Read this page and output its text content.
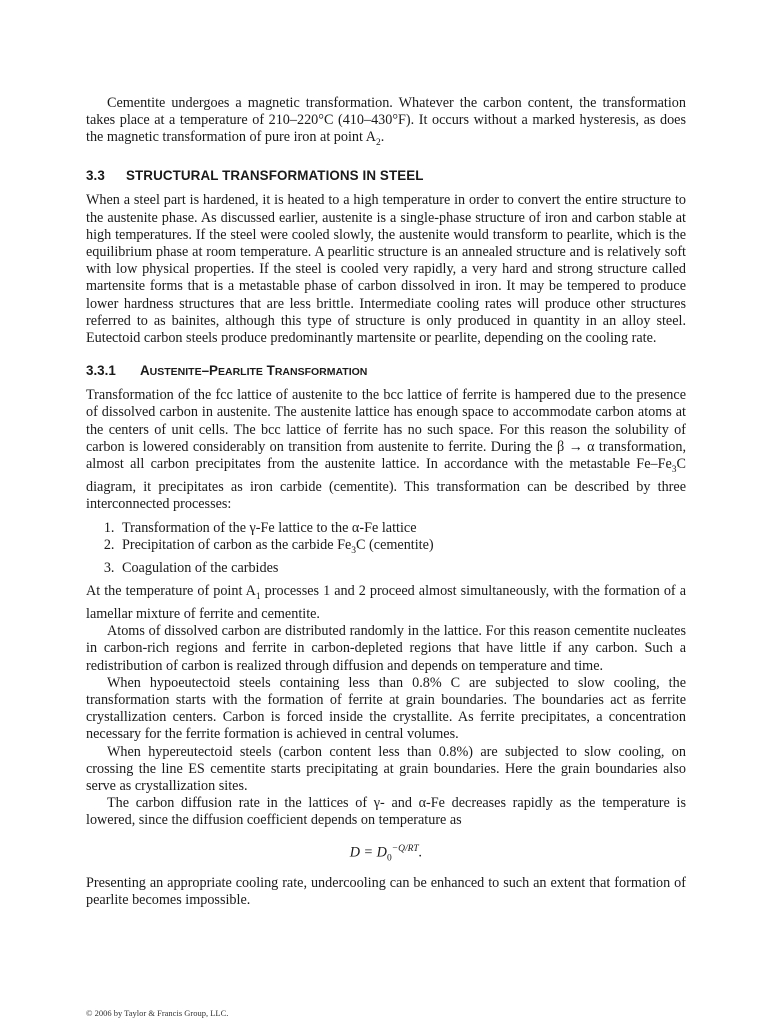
Cementite undergoes a magnetic transformation. Whatever the carbon content, the transformation takes place at a temperature of 210–220°C (410–430°F). It occurs without a marked hysteresis, as does the magnetic transformation of pure iron at point $A_2$.

3.3 STRUCTURAL TRANSFORMATIONS IN STEEL

When a steel part is hardened, it is heated to a high temperature in order to convert the entire structure to the austenite phase. As discussed earlier, austenite is a single-phase structure of iron and carbon stable at high temperatures. If the steel were cooled slowly, the austenite would transform to pearlite, which is the equilibrium phase at room temperature. A pearlitic structure is an annealed structure and is relatively soft with low physical properties. If the steel is cooled very rapidly, a very hard and strong structure called martensite forms that is a metastable phase of carbon dissolved in iron. It may be tempered to produce lower hardness structures that are less brittle. Intermediate cooling rates will produce other structures referred to as bainites, although this type of structure is only produced in quantity in an alloy steel. Eutectoid carbon steels produce predominantly martensite or pearlite, depending on the cooling rate.

3.3.1 AUSTENITE–PEARLITE TRANSFORMATION

Transformation of the fcc lattice of austenite to the bcc lattice of ferrite is hampered due to the presence of dissolved carbon in austenite. The austenite lattice has enough space to accommodate carbon atoms at the centers of unit cells. The bcc lattice of ferrite has no such space. For this reason the solubility of carbon is lowered considerably on transition from austenite to ferrite. During the β → α transformation, almost all carbon precipitates from the austenite lattice. In accordance with the metastable $Fe-Fe_3C$ diagram, it precipitates as iron carbide (cementite). This transformation can be described by three interconnected processes:

1. Transformation of the γ-Fe lattice to the α-Fe lattice
2. Precipitation of carbon as the carbide $Fe_3C$ (cementite)
3. Coagulation of the carbides

At the temperature of point $A_1$ processes 1 and 2 proceed almost simultaneously, with the formation of a lamellar mixture of ferrite and cementite.

Atoms of dissolved carbon are distributed randomly in the lattice. For this reason cementite nucleates in carbon-rich regions and ferrite in carbon-depleted regions that have little if any carbon. Such a redistribution of carbon is realized through diffusion and depends on temperature and time.

When hypoeutectoid steels containing less than 0.8% C are subjected to slow cooling, the transformation starts with the formation of ferrite at grain boundaries. The boundaries act as ferrite crystallization centers. Carbon is forced inside the crystallite. As ferrite precipitates, a concentration necessary for the ferrite formation is achieved in central volumes.

When hypereutectoid steels (carbon content less than 0.8%) are subjected to slow cooling, on crossing the line ES cementite starts precipitating at grain boundaries. Here the grain boundaries also serve as crystallization sites.

The carbon diffusion rate in the lattices of γ- and α-Fe decreases rapidly as the temperature is lowered, since the diffusion coefficient depends on temperature as

$D = D_0^{-Q/RT}$.

Presenting an appropriate cooling rate, undercooling can be enhanced to such an extent that formation of pearlite becomes impossible.

© 2006 by Taylor & Francis Group, LLC.
